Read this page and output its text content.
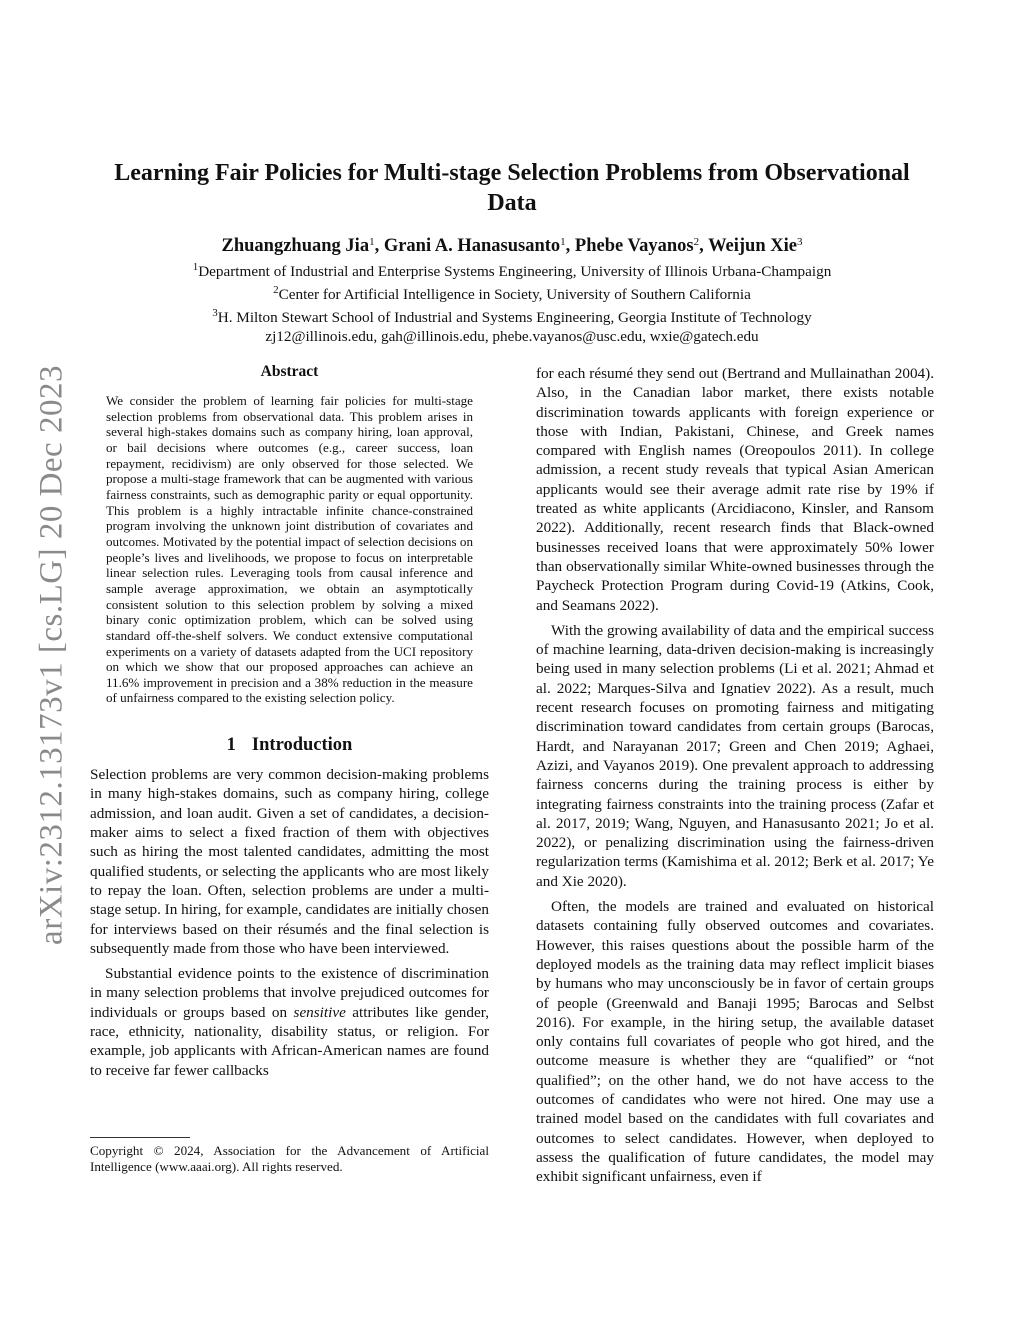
arXiv:2312.13173v1 [cs.LG] 20 Dec 2023
Learning Fair Policies for Multi-stage Selection Problems from Observational Data
Zhuangzhuang Jia$^1$, Grani A. Hanasusanto$^1$, Phebe Vayanos$^2$, Weijun Xie$^3$
$^1$Department of Industrial and Enterprise Systems Engineering, University of Illinois Urbana-Champaign
$^2$Center for Artificial Intelligence in Society, University of Southern California
$^3$H. Milton Stewart School of Industrial and Systems Engineering, Georgia Institute of Technology
zj12@illinois.edu, gah@illinois.edu, phebe.vayanos@usc.edu, wxie@gatech.edu
Abstract

We consider the problem of learning fair policies for multi-stage selection problems from observational data. This problem arises in several high-stakes domains such as company hiring, loan approval, or bail decisions where outcomes (e.g., career success, loan repayment, recidivism) are only observed for those selected. We propose a multi-stage framework that can be augmented with various fairness constraints, such as demographic parity or equal opportunity. This problem is a highly intractable infinite chance-constrained program involving the unknown joint distribution of covariates and outcomes. Motivated by the potential impact of selection decisions on people’s lives and livelihoods, we propose to focus on interpretable linear selection rules. Leveraging tools from causal inference and sample average approximation, we obtain an asymptotically consistent solution to this selection problem by solving a mixed binary conic optimization problem, which can be solved using standard off-the-shelf solvers. We conduct extensive computational experiments on a variety of datasets adapted from the UCI repository on which we show that our proposed approaches can achieve an 11.6% improvement in precision and a 38% reduction in the measure of unfairness compared to the existing selection policy.

1 Introduction

Selection problems are very common decision-making problems in many high-stakes domains, such as company hiring, college admission, and loan audit. Given a set of candidates, a decision-maker aims to select a fixed fraction of them with objectives such as hiring the most talented candidates, admitting the most qualified students, or selecting the applicants who are most likely to repay the loan. Often, selection problems are under a multi-stage setup. In hiring, for example, candidates are initially chosen for interviews based on their résumés and the final selection is subsequently made from those who have been interviewed.

Substantial evidence points to the existence of discrimination in many selection problems that involve prejudiced outcomes for individuals or groups based on sensitive attributes like gender, race, ethnicity, nationality, disability status, or religion. For example, job applicants with African-American names are found to receive far fewer callbacks

Copyright © 2024, Association for the Advancement of Artificial Intelligence (www.aaai.org). All rights reserved.

for each résumé they send out (Bertrand and Mullainathan 2004). Also, in the Canadian labor market, there exists notable discrimination towards applicants with foreign experience or those with Indian, Pakistani, Chinese, and Greek names compared with English names (Oreopoulos 2011). In college admission, a recent study reveals that typical Asian American applicants would see their average admit rate rise by 19% if treated as white applicants (Arcidiacono, Kinsler, and Ransom 2022). Additionally, recent research finds that Black-owned businesses received loans that were approximately 50% lower than observationally similar White-owned businesses through the Paycheck Protection Program during Covid-19 (Atkins, Cook, and Seamans 2022).

With the growing availability of data and the empirical success of machine learning, data-driven decision-making is increasingly being used in many selection problems (Li et al. 2021; Ahmad et al. 2022; Marques-Silva and Ignatiev 2022). As a result, much recent research focuses on promoting fairness and mitigating discrimination toward candidates from certain groups (Barocas, Hardt, and Narayanan 2017; Green and Chen 2019; Aghaei, Azizi, and Vayanos 2019). One prevalent approach to addressing fairness concerns during the training process is either by integrating fairness constraints into the training process (Zafar et al. 2017, 2019; Wang, Nguyen, and Hanasusanto 2021; Jo et al. 2022), or penalizing discrimination using the fairness-driven regularization terms (Kamishima et al. 2012; Berk et al. 2017; Ye and Xie 2020).

Often, the models are trained and evaluated on historical datasets containing fully observed outcomes and covariates. However, this raises questions about the possible harm of the deployed models as the training data may reflect implicit biases by humans who may unconsciously be in favor of certain groups of people (Greenwald and Banaji 1995; Barocas and Selbst 2016). For example, in the hiring setup, the available dataset only contains full covariates of people who got hired, and the outcome measure is whether they are “qualified” or “not qualified”; on the other hand, we do not have access to the outcomes of candidates who were not hired. One may use a trained model based on the candidates with full covariates and outcomes to select candidates. However, when deployed to assess the qualification of future candidates, the model may exhibit significant unfairness, even if
